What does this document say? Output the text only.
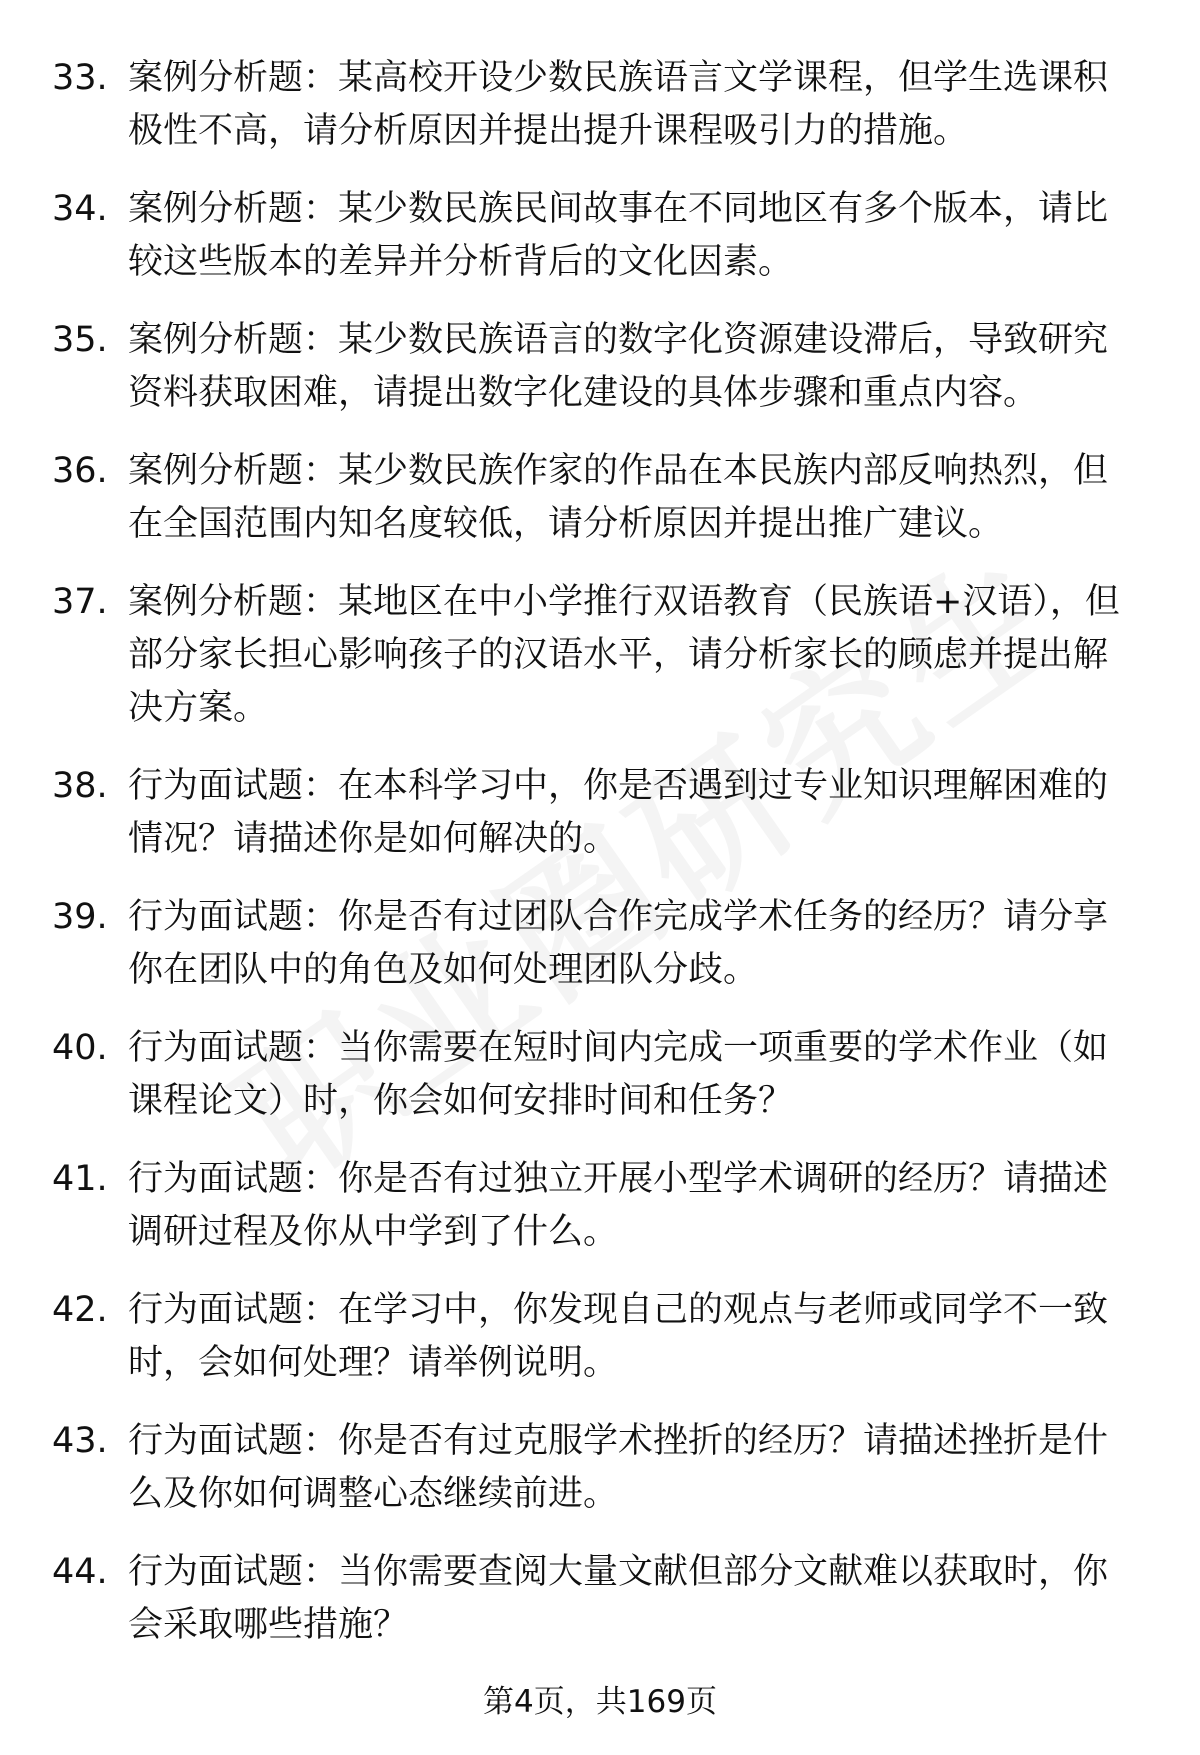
33. 案例分析题：某高校开设少数民族语言文学课程，但学生选课积极性不高，请分析原因并提出提升课程吸引力的措施。
34. 案例分析题：某少数民族民间故事在不同地区有多个版本，请比较这些版本的差异并分析背后的文化因素。
35. 案例分析题：某少数民族语言的数字化资源建设滞后，导致研究资料获取困难，请提出数字化建设的具体步骤和重点内容。
36. 案例分析题：某少数民族作家的作品在本民族内部反响热烈，但在全国范围内知名度较低，请分析原因并提出推广建议。
37. 案例分析题：某地区在中小学推行双语教育（民族语+汉语），但部分家长担心影响孩子的汉语水平，请分析家长的顾虑并提出解决方案。
38. 行为面试题：在本科学习中，你是否遇到过专业知识理解困难的情况？请描述你是如何解决的。
39. 行为面试题：你是否有过团队合作完成学术任务的经历？请分享你在团队中的角色及如何处理团队分歧。
40. 行为面试题：当你需要在短时间内完成一项重要的学术作业（如课程论文）时，你会如何安排时间和任务？
41. 行为面试题：你是否有过独立开展小型学术调研的经历？请描述调研过程及你从中学到了什么。
42. 行为面试题：在学习中，你发现自己的观点与老师或同学不一致时，会如何处理？请举例说明。
43. 行为面试题：你是否有过克服学术挫折的经历？请描述挫折是什么及你如何调整心态继续前进。
44. 行为面试题：当你需要查阅大量文献但部分文献难以获取时，你会采取哪些措施？
第4页，共169页
